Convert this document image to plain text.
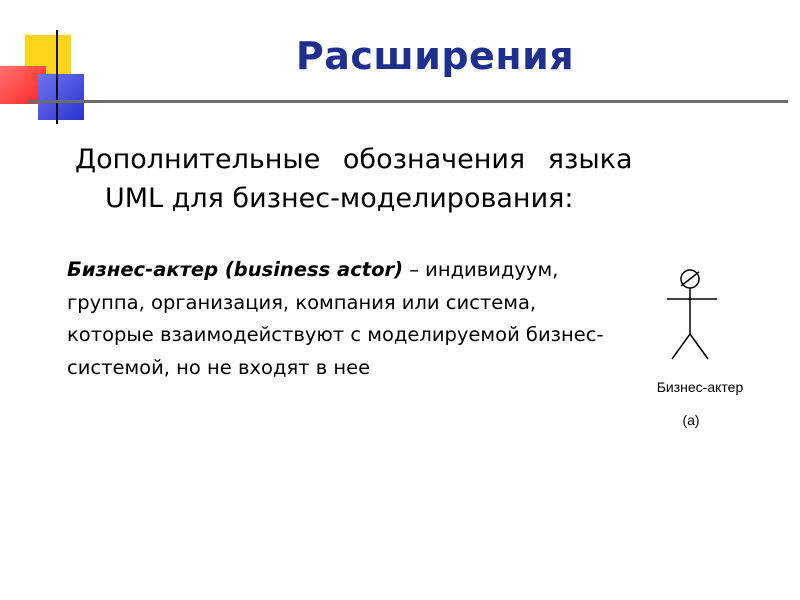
Расширения
Дополнительные обозначения языка
UML для бизнес-моделирования:
Бизнес-актер (business actor) – индивидуум, группа, организация, компания или система, которые взаимодействуют с моделируемой бизнес-системой, но не входят в нее
Бизнес-актер
(a)
